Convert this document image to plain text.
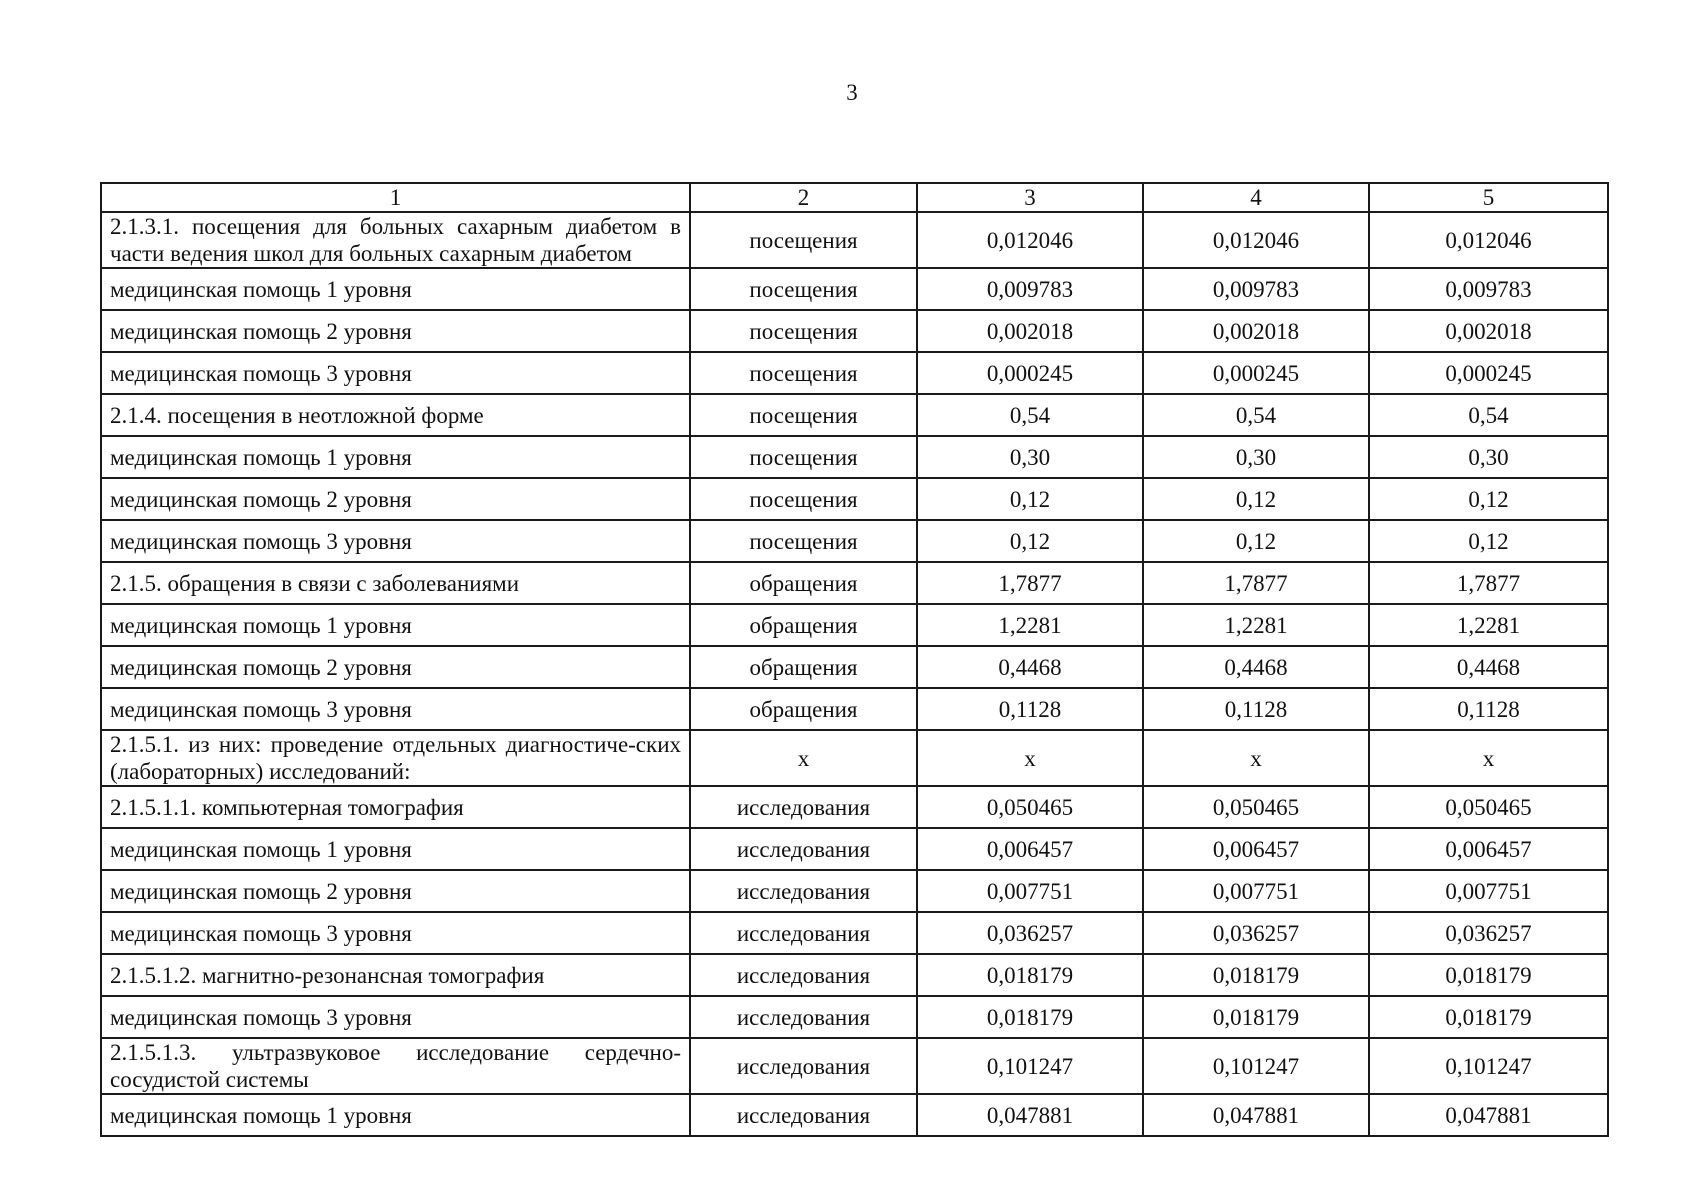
3
1	2	3	4	5
2.1.3.1. посещения для больных сахарным диабетом в части ведения школ для больных сахарным диабетом	посещения	0,012046	0,012046	0,012046
медицинская помощь 1 уровня	посещения	0,009783	0,009783	0,009783
медицинская помощь 2 уровня	посещения	0,002018	0,002018	0,002018
медицинская помощь 3 уровня	посещения	0,000245	0,000245	0,000245
2.1.4. посещения в неотложной форме	посещения	0,54	0,54	0,54
медицинская помощь 1 уровня	посещения	0,30	0,30	0,30
медицинская помощь 2 уровня	посещения	0,12	0,12	0,12
медицинская помощь 3 уровня	посещения	0,12	0,12	0,12
2.1.5. обращения в связи с заболеваниями	обращения	1,7877	1,7877	1,7877
медицинская помощь 1 уровня	обращения	1,2281	1,2281	1,2281
медицинская помощь 2 уровня	обращения	0,4468	0,4468	0,4468
медицинская помощь 3 уровня	обращения	0,1128	0,1128	0,1128
2.1.5.1. из них: проведение отдельных диагностиче-ских (лабораторных) исследований:	х	х	х	х
2.1.5.1.1. компьютерная томография	исследования	0,050465	0,050465	0,050465
медицинская помощь 1 уровня	исследования	0,006457	0,006457	0,006457
медицинская помощь 2 уровня	исследования	0,007751	0,007751	0,007751
медицинская помощь 3 уровня	исследования	0,036257	0,036257	0,036257
2.1.5.1.2. магнитно-резонансная томография	исследования	0,018179	0,018179	0,018179
медицинская помощь 3 уровня	исследования	0,018179	0,018179	0,018179
2.1.5.1.3. ультразвуковое исследование сердечно-сосудистой системы	исследования	0,101247	0,101247	0,101247
медицинская помощь 1 уровня	исследования	0,047881	0,047881	0,047881
